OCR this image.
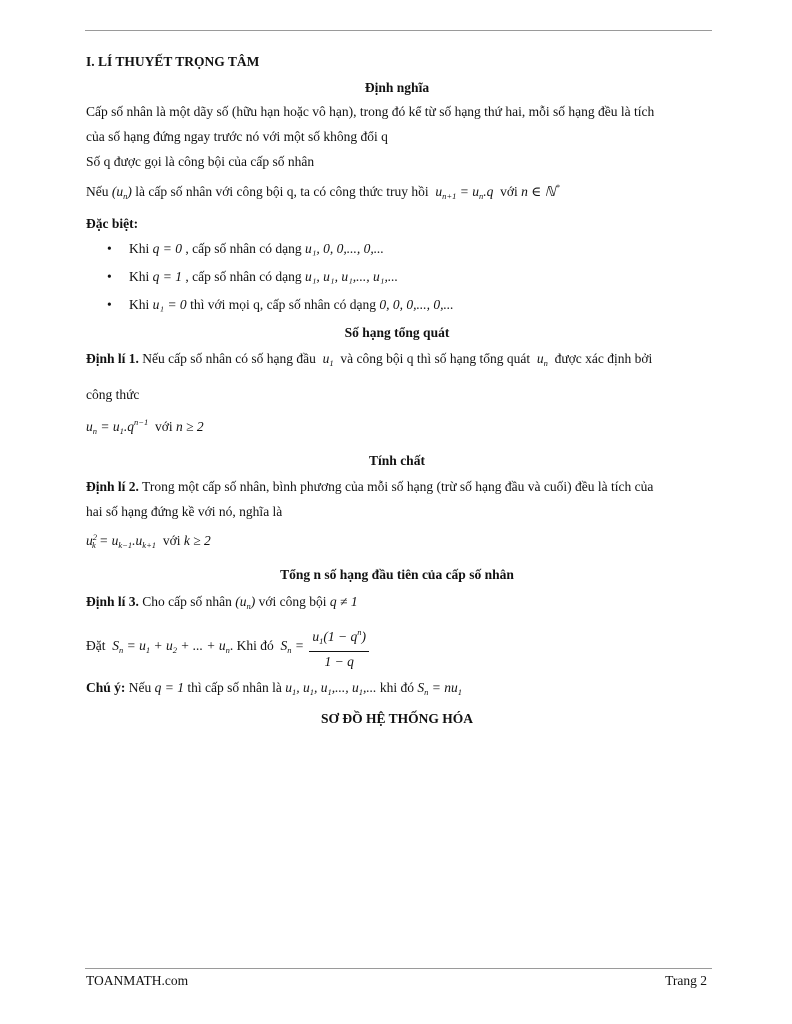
I. LÍ THUYẾT TRỌNG TÂM
Định nghĩa
Cấp số nhân là một dãy số (hữu hạn hoặc vô hạn), trong đó kể từ số hạng thứ hai, mỗi số hạng đều là tích
của số hạng đứng ngay trước nó với một số không đổi q
Số q được gọi là công bội của cấp số nhân
Nếu $(u_n)$ là cấp số nhân với công bội q, ta có công thức truy hồi  $u_{n+1} = u_n.q$  với n ∈ ℕ*
Đặc biệt:
• Khi q = 0 , cấp số nhân có dạng u₁, 0, 0,..., 0,...
• Khi q = 1 , cấp số nhân có dạng u₁, u₁, u₁,..., u₁,...
• Khi u₁ = 0 thì với mọi q, cấp số nhân có dạng 0, 0, 0,..., 0,...
Số hạng tổng quát
Định lí 1. Nếu cấp số nhân có số hạng đầu  $u_1$ và công bội q thì số hạng tổng quát  $u_n$ được xác định bởi
công thức
$u_n = u_1.q^{n-1}$ với n ≥ 2
Tính chất
Định lí 2. Trong một cấp số nhân, bình phương của mỗi số hạng (trừ số hạng đầu và cuối) đều là tích của
hai số hạng đứng kề với nó, nghĩa là
$u^2_k = u_{k-1}.u_{k+1}$ với k ≥ 2
Tổng n số hạng đầu tiên của cấp số nhân
Định lí 3. Cho cấp số nhân $(u_n)$ với công bội q ≠ 1
Đặt  $S_n = u_1 + u_2$ + ... + $u_n$. Khi đó  $S_n = \frac{u_1(1 - q^n)}{1 - q}$
Chú ý: Nếu q = 1 thì cấp số nhân là $u_1$, $u_1$, $u_1$,..., $u_1$,... khi đó $S_n = nu_1$
SƠ ĐỒ HỆ THỐNG HÓA
TOANMATH.com	Trang 2
